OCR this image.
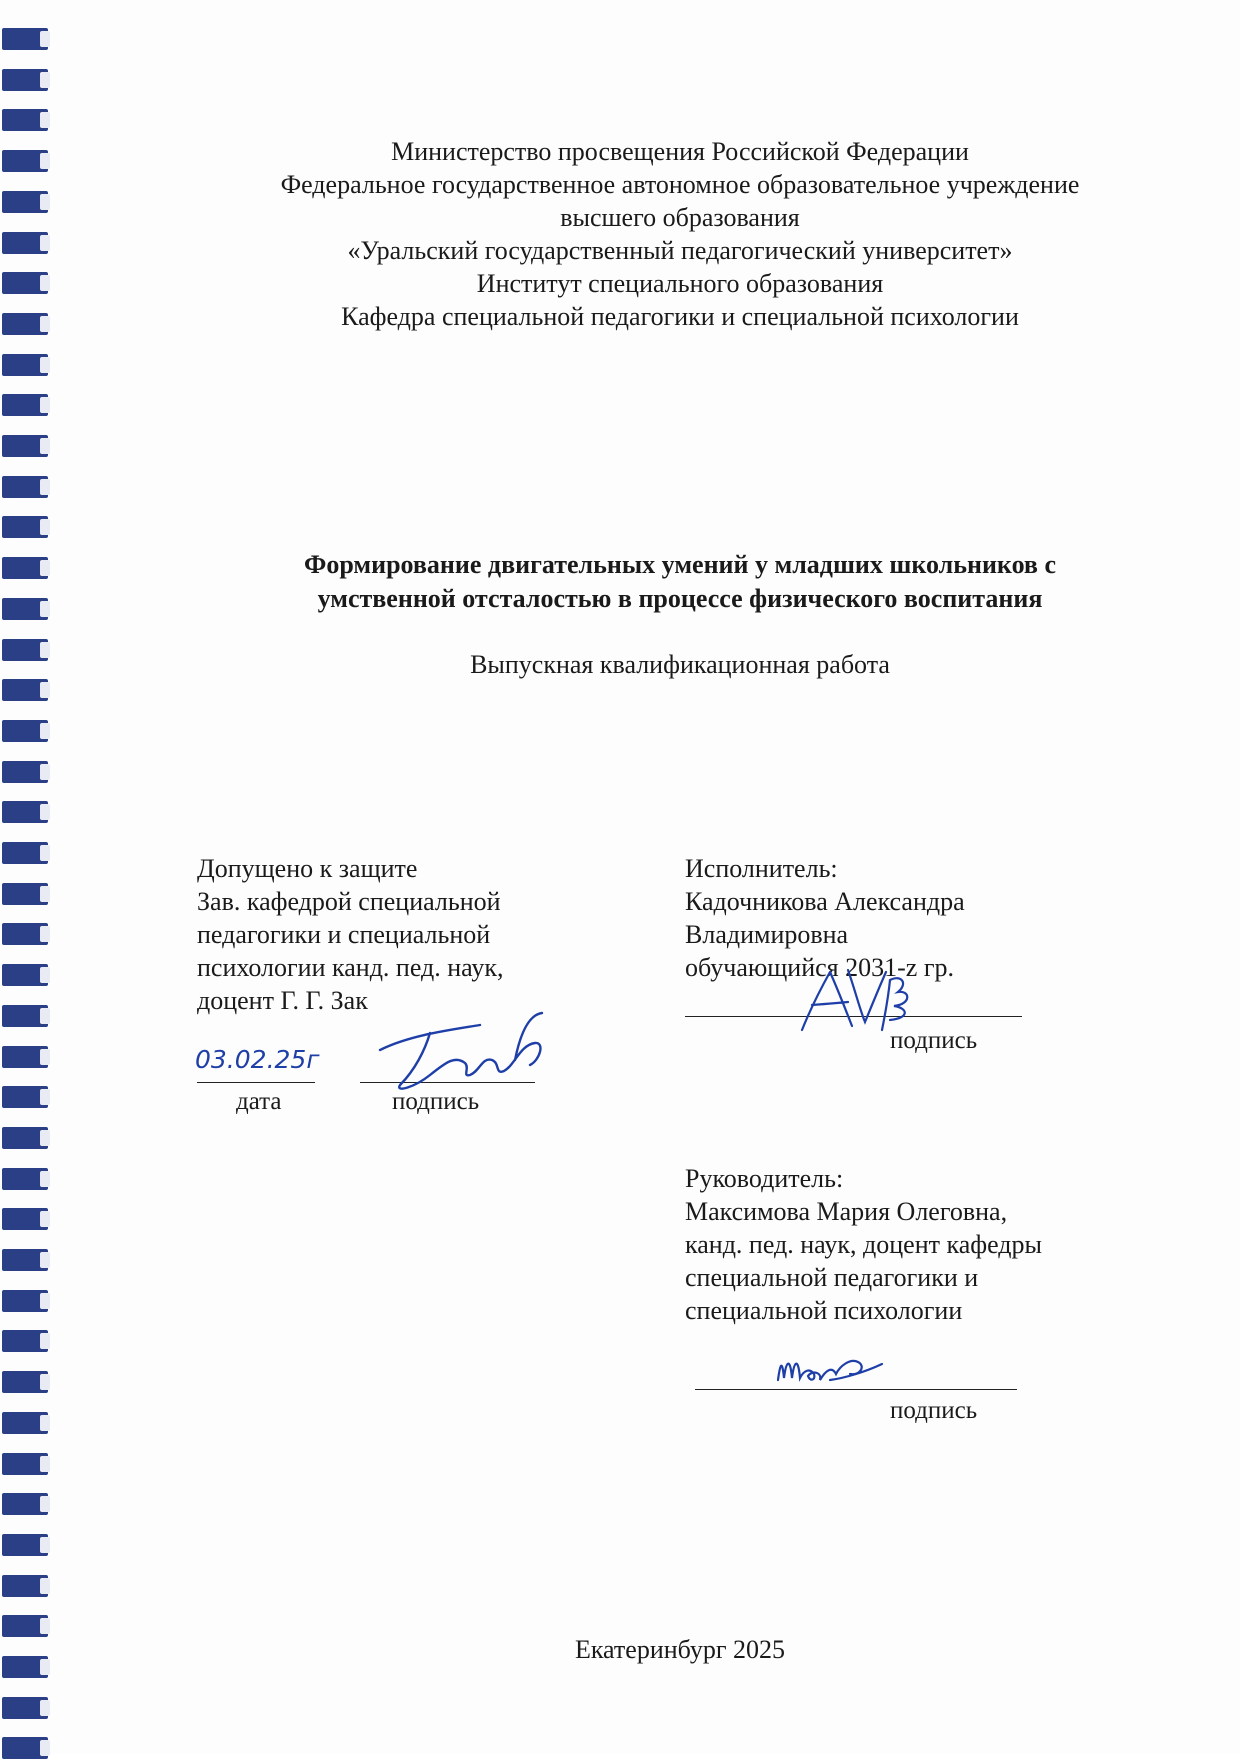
Министерство просвещения Российской Федерации
Федеральное государственное автономное образовательное учреждение
высшего образования
«Уральский государственный педагогический университет»
Институт специального образования
Кафедра специальной педагогики и специальной психологии
Формирование двигательных умений у младших школьников с
умственной отсталостью в процессе физического воспитания
Выпускная квалификационная работа
Допущено к защите
Зав. кафедрой специальной
педагогики и специальной
психологии канд. пед. наук,
доцент Г. Г. Зак
03.02.25г
дата	подпись
Исполнитель:
Кадочникова Александра
Владимировна
обучающийся 2031-z гр.
подпись
Руководитель:
Максимова Мария Олеговна,
канд. пед. наук, доцент кафедры
специальной педагогики и
специальной психологии
подпись
Екатеринбург 2025
